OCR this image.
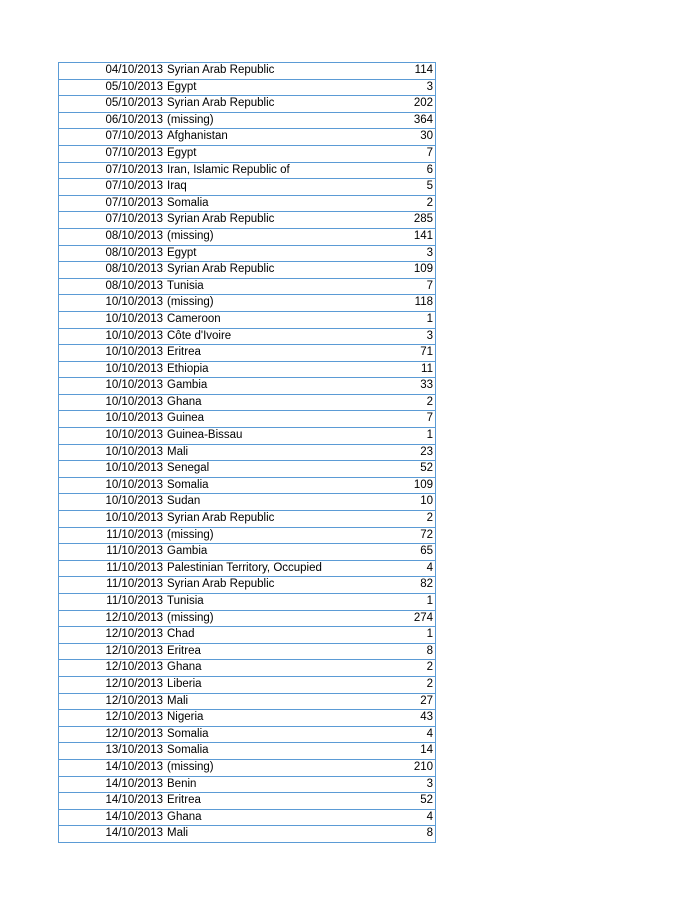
04/10/2013	Syrian Arab Republic	114
05/10/2013	Egypt	3
05/10/2013	Syrian Arab Republic	202
06/10/2013	(missing)	364
07/10/2013	Afghanistan	30
07/10/2013	Egypt	7
07/10/2013	Iran, Islamic Republic of	6
07/10/2013	Iraq	5
07/10/2013	Somalia	2
07/10/2013	Syrian Arab Republic	285
08/10/2013	(missing)	141
08/10/2013	Egypt	3
08/10/2013	Syrian Arab Republic	109
08/10/2013	Tunisia	7
10/10/2013	(missing)	118
10/10/2013	Cameroon	1
10/10/2013	Côte d'Ivoire	3
10/10/2013	Eritrea	71
10/10/2013	Ethiopia	11
10/10/2013	Gambia	33
10/10/2013	Ghana	2
10/10/2013	Guinea	7
10/10/2013	Guinea-Bissau	1
10/10/2013	Mali	23
10/10/2013	Senegal	52
10/10/2013	Somalia	109
10/10/2013	Sudan	10
10/10/2013	Syrian Arab Republic	2
11/10/2013	(missing)	72
11/10/2013	Gambia	65
11/10/2013	Palestinian Territory, Occupied	4
11/10/2013	Syrian Arab Republic	82
11/10/2013	Tunisia	1
12/10/2013	(missing)	274
12/10/2013	Chad	1
12/10/2013	Eritrea	8
12/10/2013	Ghana	2
12/10/2013	Liberia	2
12/10/2013	Mali	27
12/10/2013	Nigeria	43
12/10/2013	Somalia	4
13/10/2013	Somalia	14
14/10/2013	(missing)	210
14/10/2013	Benin	3
14/10/2013	Eritrea	52
14/10/2013	Ghana	4
14/10/2013	Mali	8
